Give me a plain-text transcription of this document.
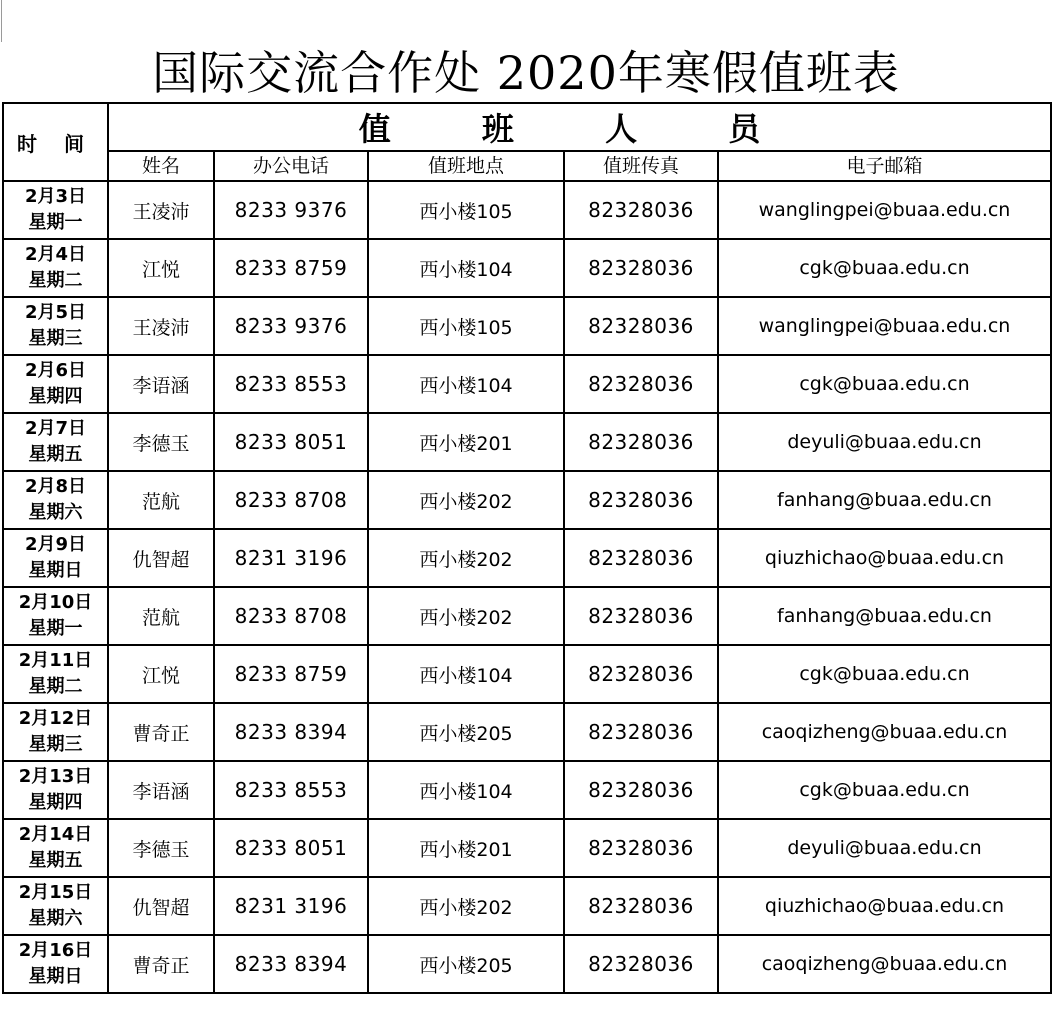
国际交流合作处 2020年寒假值班表
时 间	值 班 人 员				
	姓名	办公电话	值班地点	值班传真	电子邮箱

2月3日
星期一	王凌沛	8233 9376	西小楼105	82328036	wanglingpei@buaa.edu.cn

2月4日
星期二	江悦	8233 8759	西小楼104	82328036	cgk@buaa.edu.cn

2月5日
星期三	王凌沛	8233 9376	西小楼105	82328036	wanglingpei@buaa.edu.cn

2月6日
星期四	李语涵	8233 8553	西小楼104	82328036	cgk@buaa.edu.cn

2月7日
星期五	李德玉	8233 8051	西小楼201	82328036	deyuli@buaa.edu.cn

2月8日
星期六	范航	8233 8708	西小楼202	82328036	fanhang@buaa.edu.cn

2月9日
星期日	仇智超	8231 3196	西小楼202	82328036	qiuzhichao@buaa.edu.cn

2月10日
星期一	范航	8233 8708	西小楼202	82328036	fanhang@buaa.edu.cn

2月11日
星期二	江悦	8233 8759	西小楼104	82328036	cgk@buaa.edu.cn

2月12日
星期三	曹奇正	8233 8394	西小楼205	82328036	caoqizheng@buaa.edu.cn

2月13日
星期四	李语涵	8233 8553	西小楼104	82328036	cgk@buaa.edu.cn

2月14日
星期五	李德玉	8233 8051	西小楼201	82328036	deyuli@buaa.edu.cn

2月15日
星期六	仇智超	8231 3196	西小楼202	82328036	qiuzhichao@buaa.edu.cn

2月16日
星期日	曹奇正	8233 8394	西小楼205	82328036	caoqizheng@buaa.edu.cn
